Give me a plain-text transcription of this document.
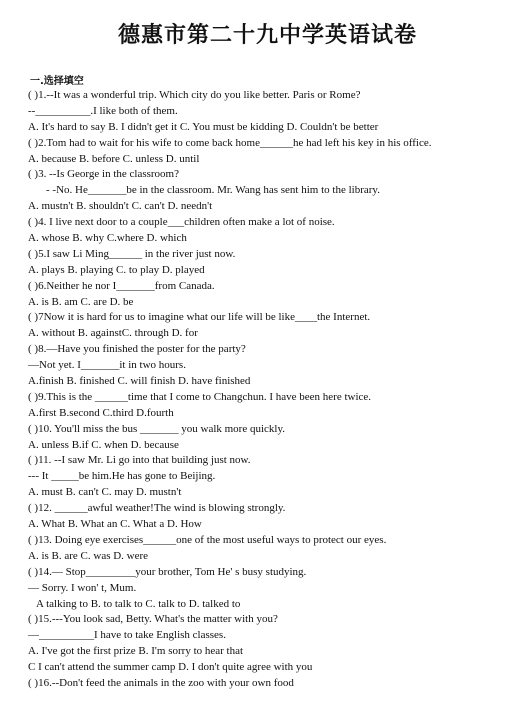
德惠市第二十九中学英语试卷
一.选择填空
( )1.--It was a wonderful trip. Which city do you like better. Paris or Rome?
--__________.I like both of them.
A. It's hard to say B. I didn't get it C. You must be kidding D. Couldn't be better
( )2.Tom had to wait for his wife to come back home______he had left his key in his office.
A. because B. before C. unless D. until
( )3. --Is George in the classroom?
- -No. He_______be in the classroom. Mr. Wang has sent him to the library.
A. mustn't B. shouldn't C. can't D. needn't
( )4. I live next door to a couple___children often make a lot of noise.
A. whose B. why C.where D. which
( )5.I saw Li Ming______ in the river just now.
A. plays B. playing C. to play D. played
( )6.Neither he nor I_______from Canada.
A. is B. am C. are D. be
( )7Now it is hard for us to imagine what our life will be like____the Internet.
A. without B. againstC. through D. for
( )8.—Have you finished the poster for the party?
—Not yet. I_______it in two hours.
A.finish B. finished C. will finish D. have finished
( )9.This is the ______time that I come to Changchun. I have been here twice.
A.first B.second C.third D.fourth
( )10. You'll miss the bus _______ you walk more quickly.
A. unless B.if C. when D. because
( )11. --I saw Mr. Li go into that building just now.
--- It _____be him.He has gone to Beijing.
A. must B. can't C. may D. mustn't
( )12. ______awful weather!The wind is blowing strongly.
A. What B. What an C. What a D. How
( )13. Doing eye exercises______one of the most useful ways to protect our eyes.
A. is B. are C. was D. were
( )14.— Stop_________your brother, Tom He' s busy studying.
— Sorry. I won' t, Mum.
A talking to B. to talk to C. talk to D. talked to
( )15.---You look sad, Betty. What's the matter with you?
—__________I have to take English classes.
A. I've got the first prize B. I'm sorry to hear that
C I can't attend the summer camp D. I don't quite agree with you
( )16.--Don't feed the animals in the zoo with your own food
